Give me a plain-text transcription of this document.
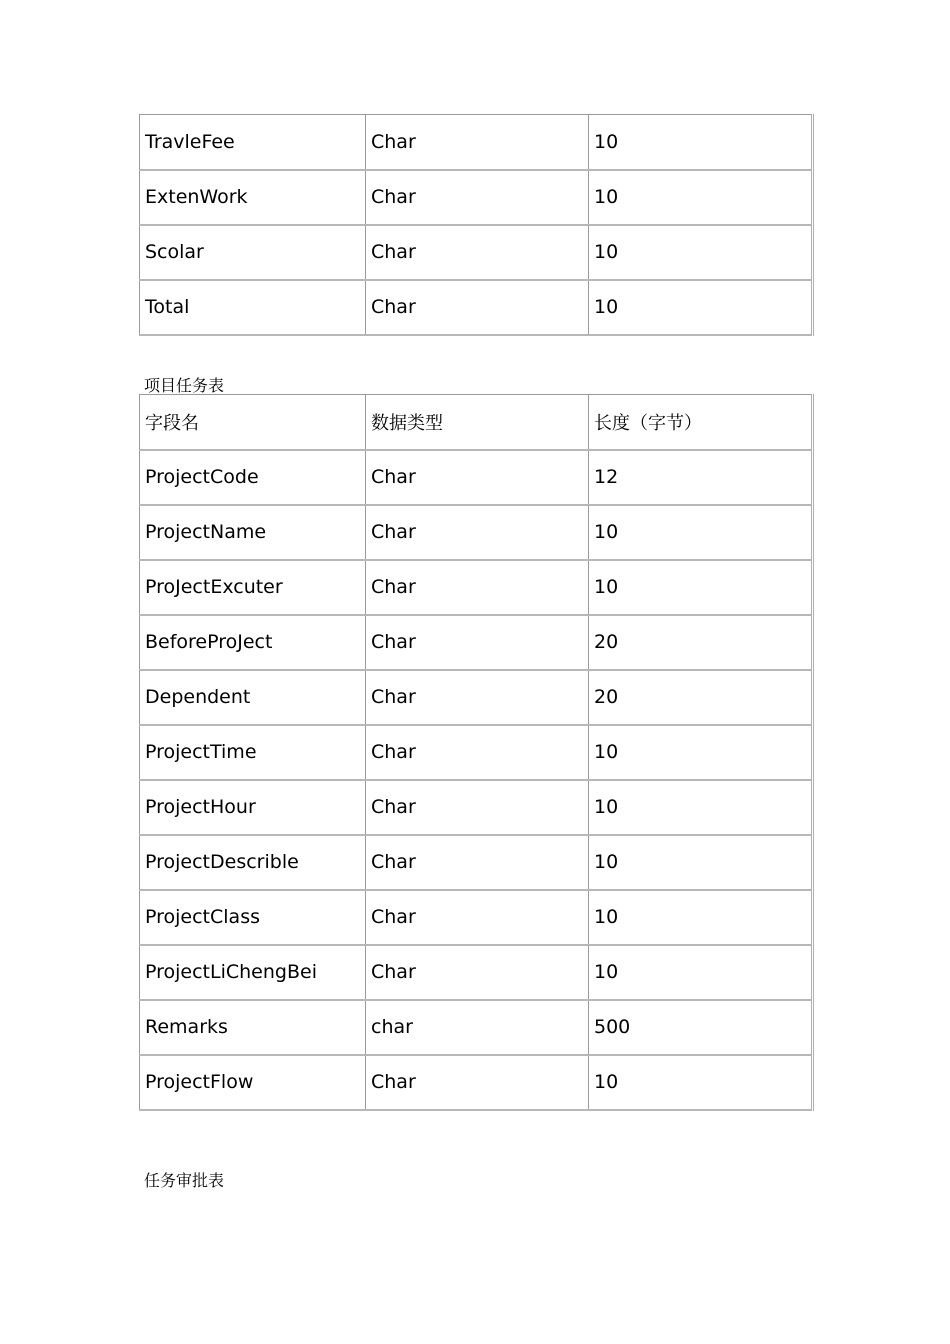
TravleFee	Char	10
ExtenWork	Char	10
Scolar	Char	10
Total	Char	10
项目任务表
字段名	数据类型	长度（字节）
ProjectCode	Char	12
ProjectName	Char	10
ProJectExcuter	Char	10
BeforeProJect	Char	20
Dependent	Char	20
ProjectTime	Char	10
ProjectHour	Char	10
ProjectDescrible	Char	10
ProjectClass	Char	10
ProjectLiChengBei	Char	10
Remarks	char	500
ProjectFlow	Char	10
任务审批表
